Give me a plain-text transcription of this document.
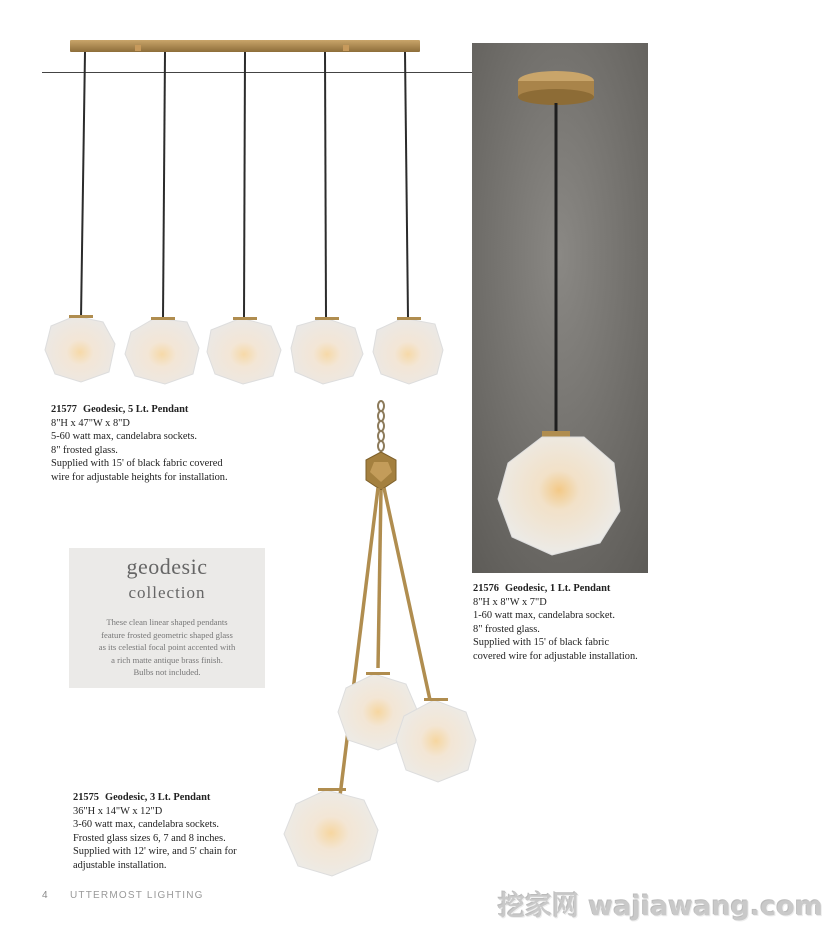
21577 Geodesic, 5 Lt. Pendant
8"H x 47"W x 8"D
5-60 watt max, candelabra sockets.
8" frosted glass.
Supplied with 15' of black fabric covered
wire for adjustable heights for installation.
21576 Geodesic, 1 Lt. Pendant
8"H x 8"W x 7"D
1-60 watt max, candelabra socket.
8" frosted glass.
Supplied with 15' of black fabric
covered wire for adjustable installation.
geodesic
collection
These clean linear shaped pendants
feature frosted geometric shaped glass
as its celestial focal point accented with
a rich matte antique brass finish.
Bulbs not included.
21575 Geodesic, 3 Lt. Pendant
36"H x 14"W x 12"D
3-60 watt max, candelabra sockets.
Frosted glass sizes 6, 7 and 8 inches.
Supplied with 12' wire, and 5' chain for
adjustable installation.
4 UTTERMOST LIGHTING	挖家网 wajiawang.com
